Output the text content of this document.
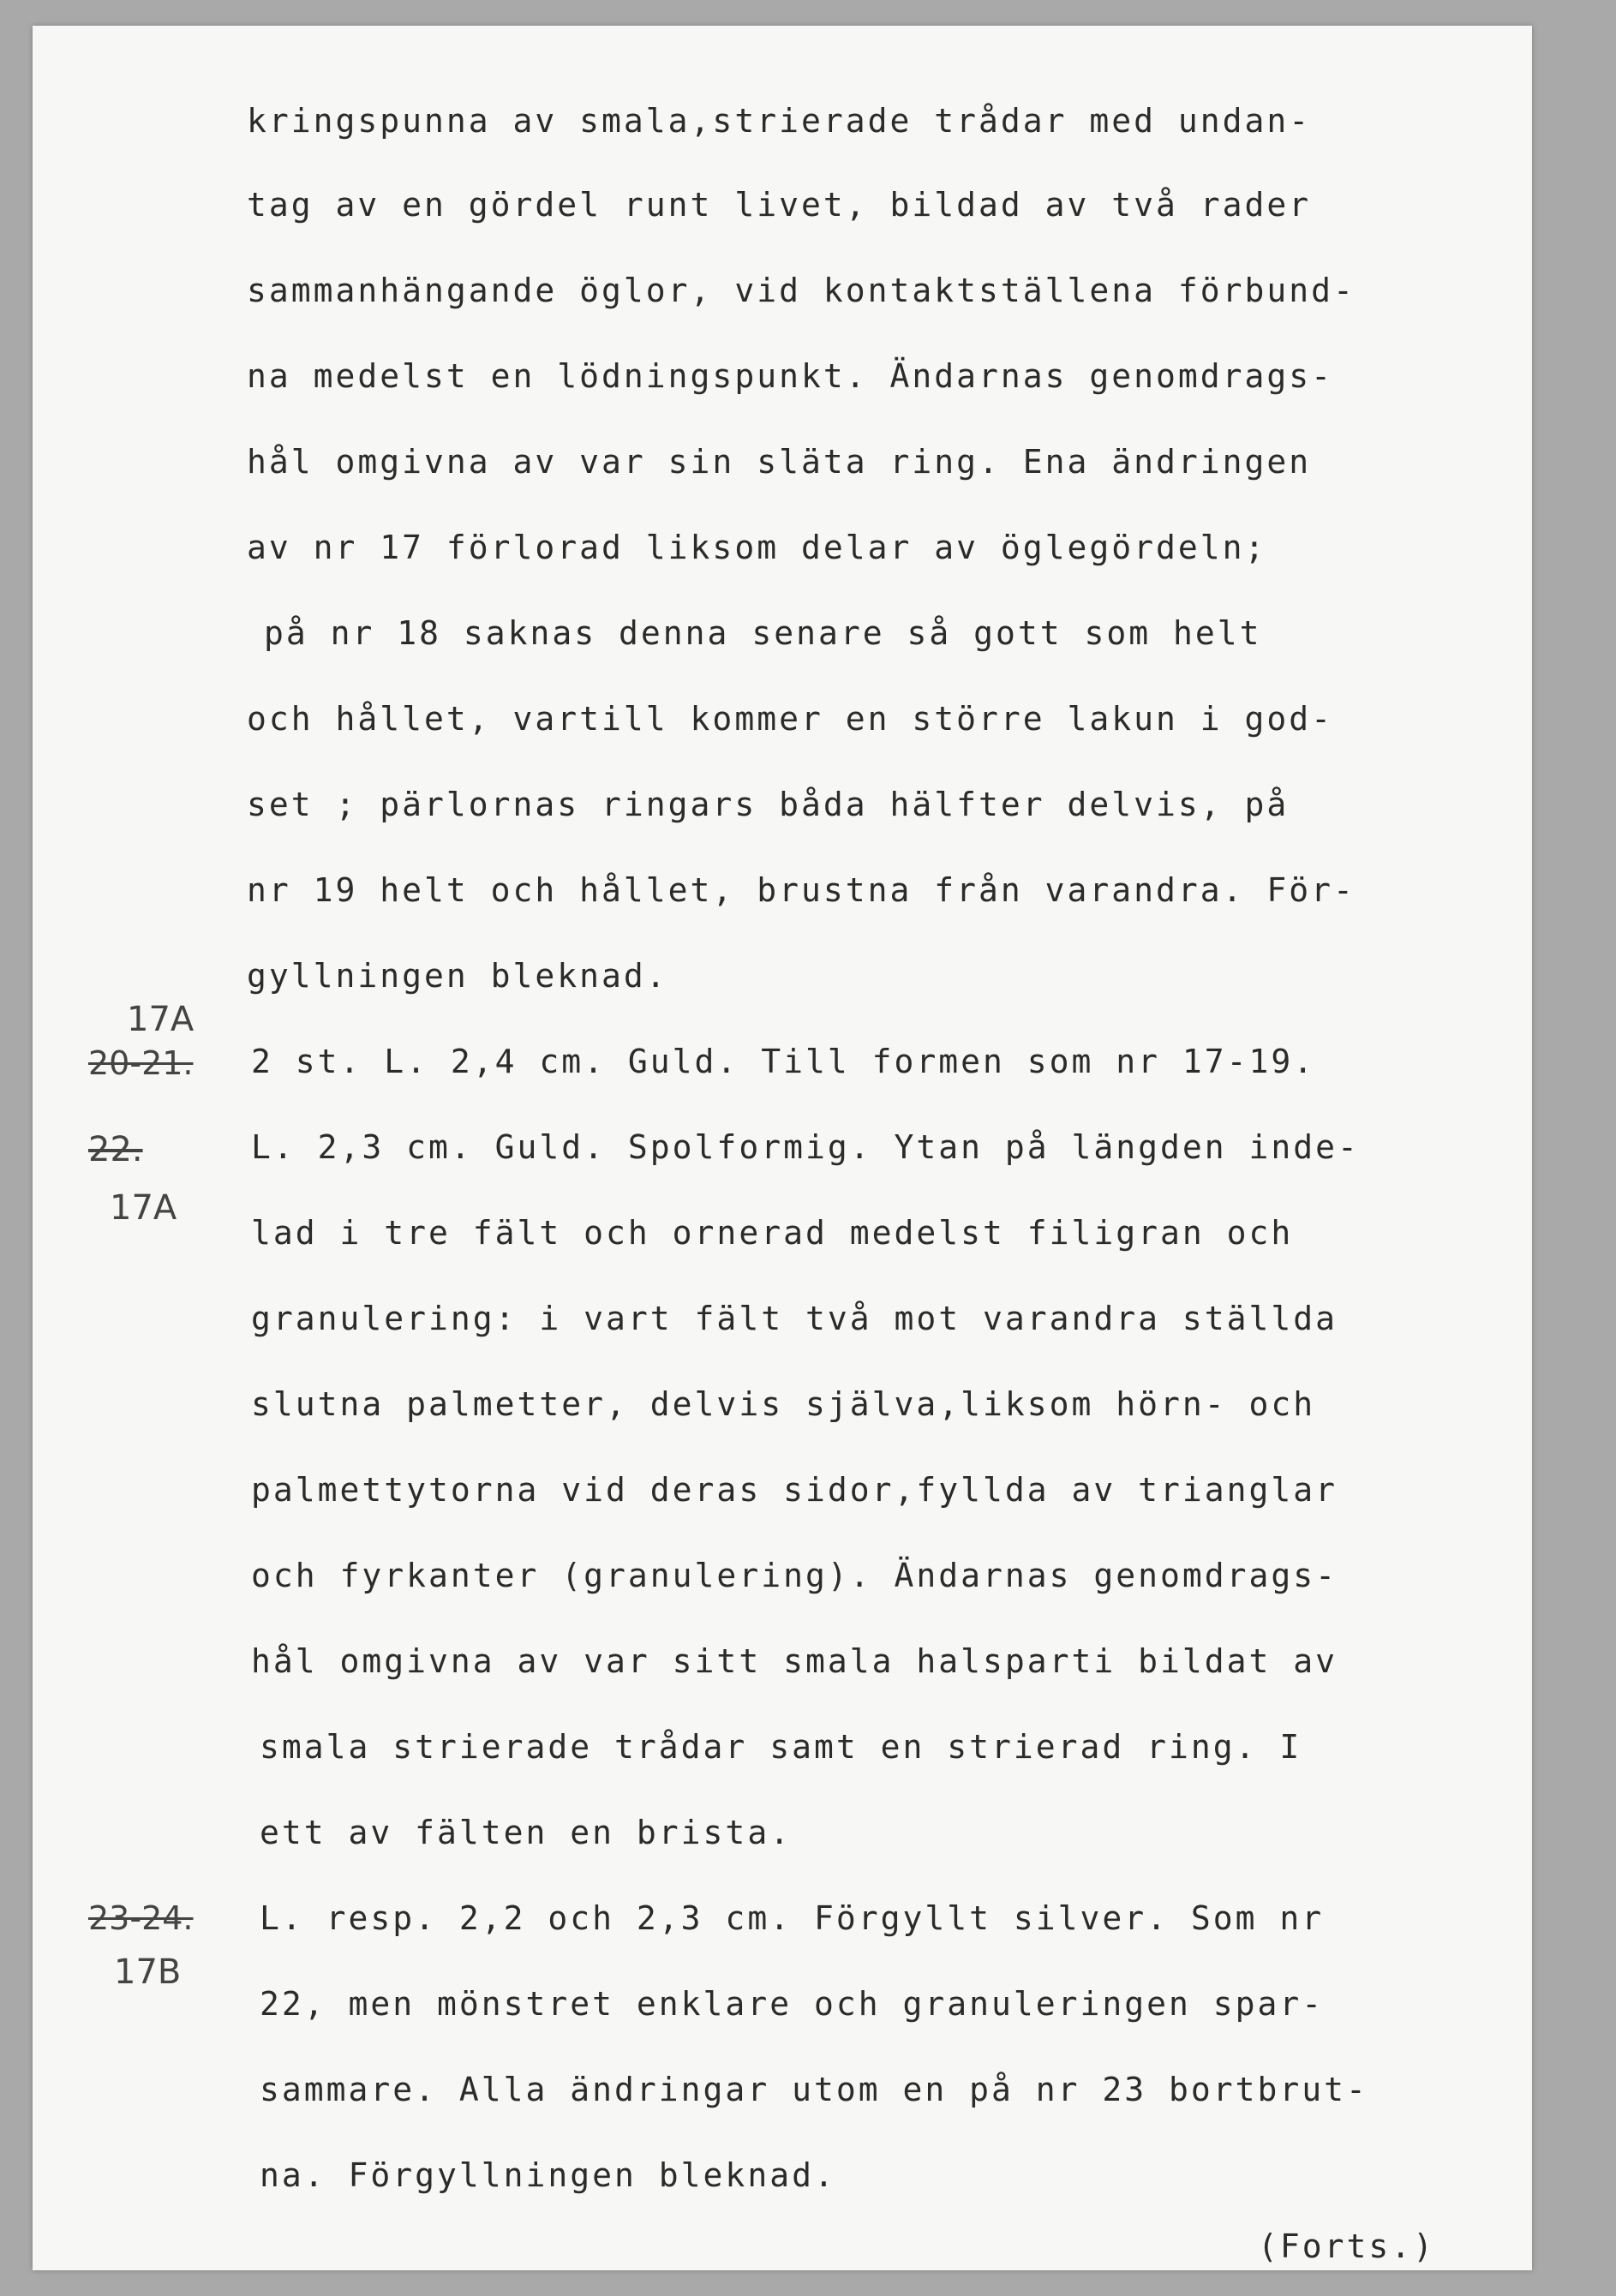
kringspunna av smala,strierade trådar med undan-
tag av en gördel runt livet, bildad av två rader
sammanhängande öglor, vid kontaktställena förbund-
na medelst en lödningspunkt. Ändarnas genomdrags-
hål omgivna av var sin släta ring. Ena ändringen
av nr 17 förlorad liksom delar av öglegördeln;
på nr 18 saknas denna senare så gott som helt
och hållet, vartill kommer en större lakun i god-
set ; pärlornas ringars båda hälfter delvis, på
nr 19 helt och hållet, brustna från varandra. För-
gyllningen bleknad.
17A
20-21. 2 st. L. 2,4 cm. Guld. Till formen som nr 17-19.
22.	L. 2,3 cm. Guld. Spolformig. Ytan på längden inde-
17A
lad i tre fält och ornerad medelst filigran och
granulering: i vart fält två mot varandra ställda
slutna palmetter, delvis själva,liksom hörn- och
palmettytorna vid deras sidor,fyllda av trianglar
och fyrkanter (granulering). Ändarnas genomdrags-
hål omgivna av var sitt smala halsparti bildat av
smala strierade trådar samt en strierad ring. I
ett av fälten en brista.
23-24.
17B
L. resp. 2,2 och 2,3 cm. Förgyllt silver. Som nr
22, men mönstret enklare och granuleringen spar-
sammare. Alla ändringar utom en på nr 23 bortbrut-
na. Förgyllningen bleknad.
(Forts.)
